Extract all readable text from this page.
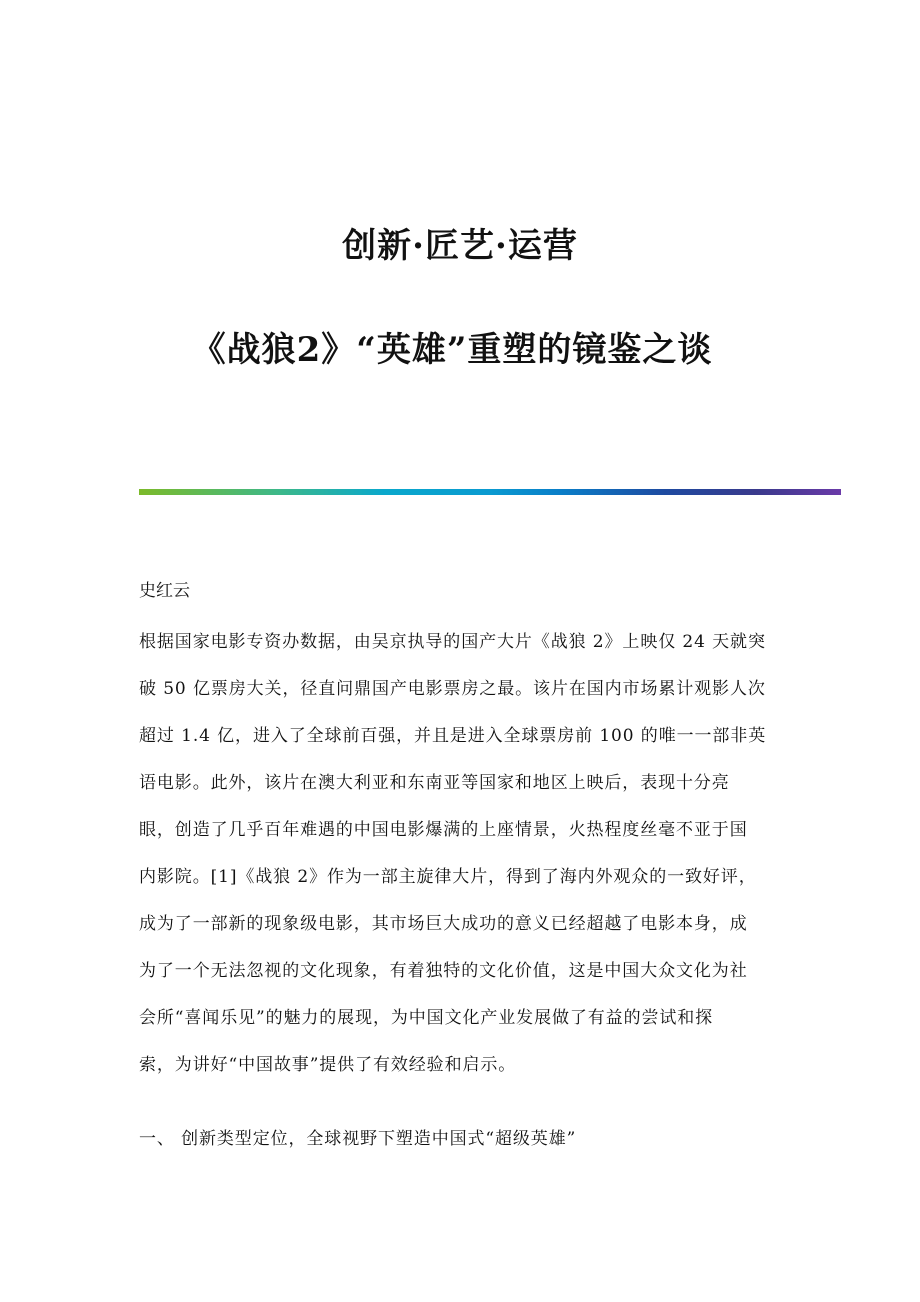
创新·匠艺·运营
《战狼2》“英雄”重塑的镜鉴之谈
史红云
根据国家电影专资办数据，由吴京执导的国产大片《战狼 2》上映仅 24 天就突
破 50 亿票房大关，径直问鼎国产电影票房之最。该片在国内市场累计观影人次
超过 1.4 亿，进入了全球前百强，并且是进入全球票房前 100 的唯一一部非英
语电影。此外，该片在澳大利亚和东南亚等国家和地区上映后，表现十分亮
眼，创造了几乎百年难遇的中国电影爆满的上座情景，火热程度丝毫不亚于国
内影院。[1]《战狼 2》作为一部主旋律大片，得到了海内外观众的一致好评，
成为了一部新的现象级电影，其市场巨大成功的意义已经超越了电影本身，成
为了一个无法忽视的文化现象，有着独特的文化价值，这是中国大众文化为社
会所“喜闻乐见”的魅力的展现，为中国文化产业发展做了有益的尝试和探
索，为讲好“中国故事”提供了有效经验和启示。
一、 创新类型定位，全球视野下塑造中国式“超级英雄”
